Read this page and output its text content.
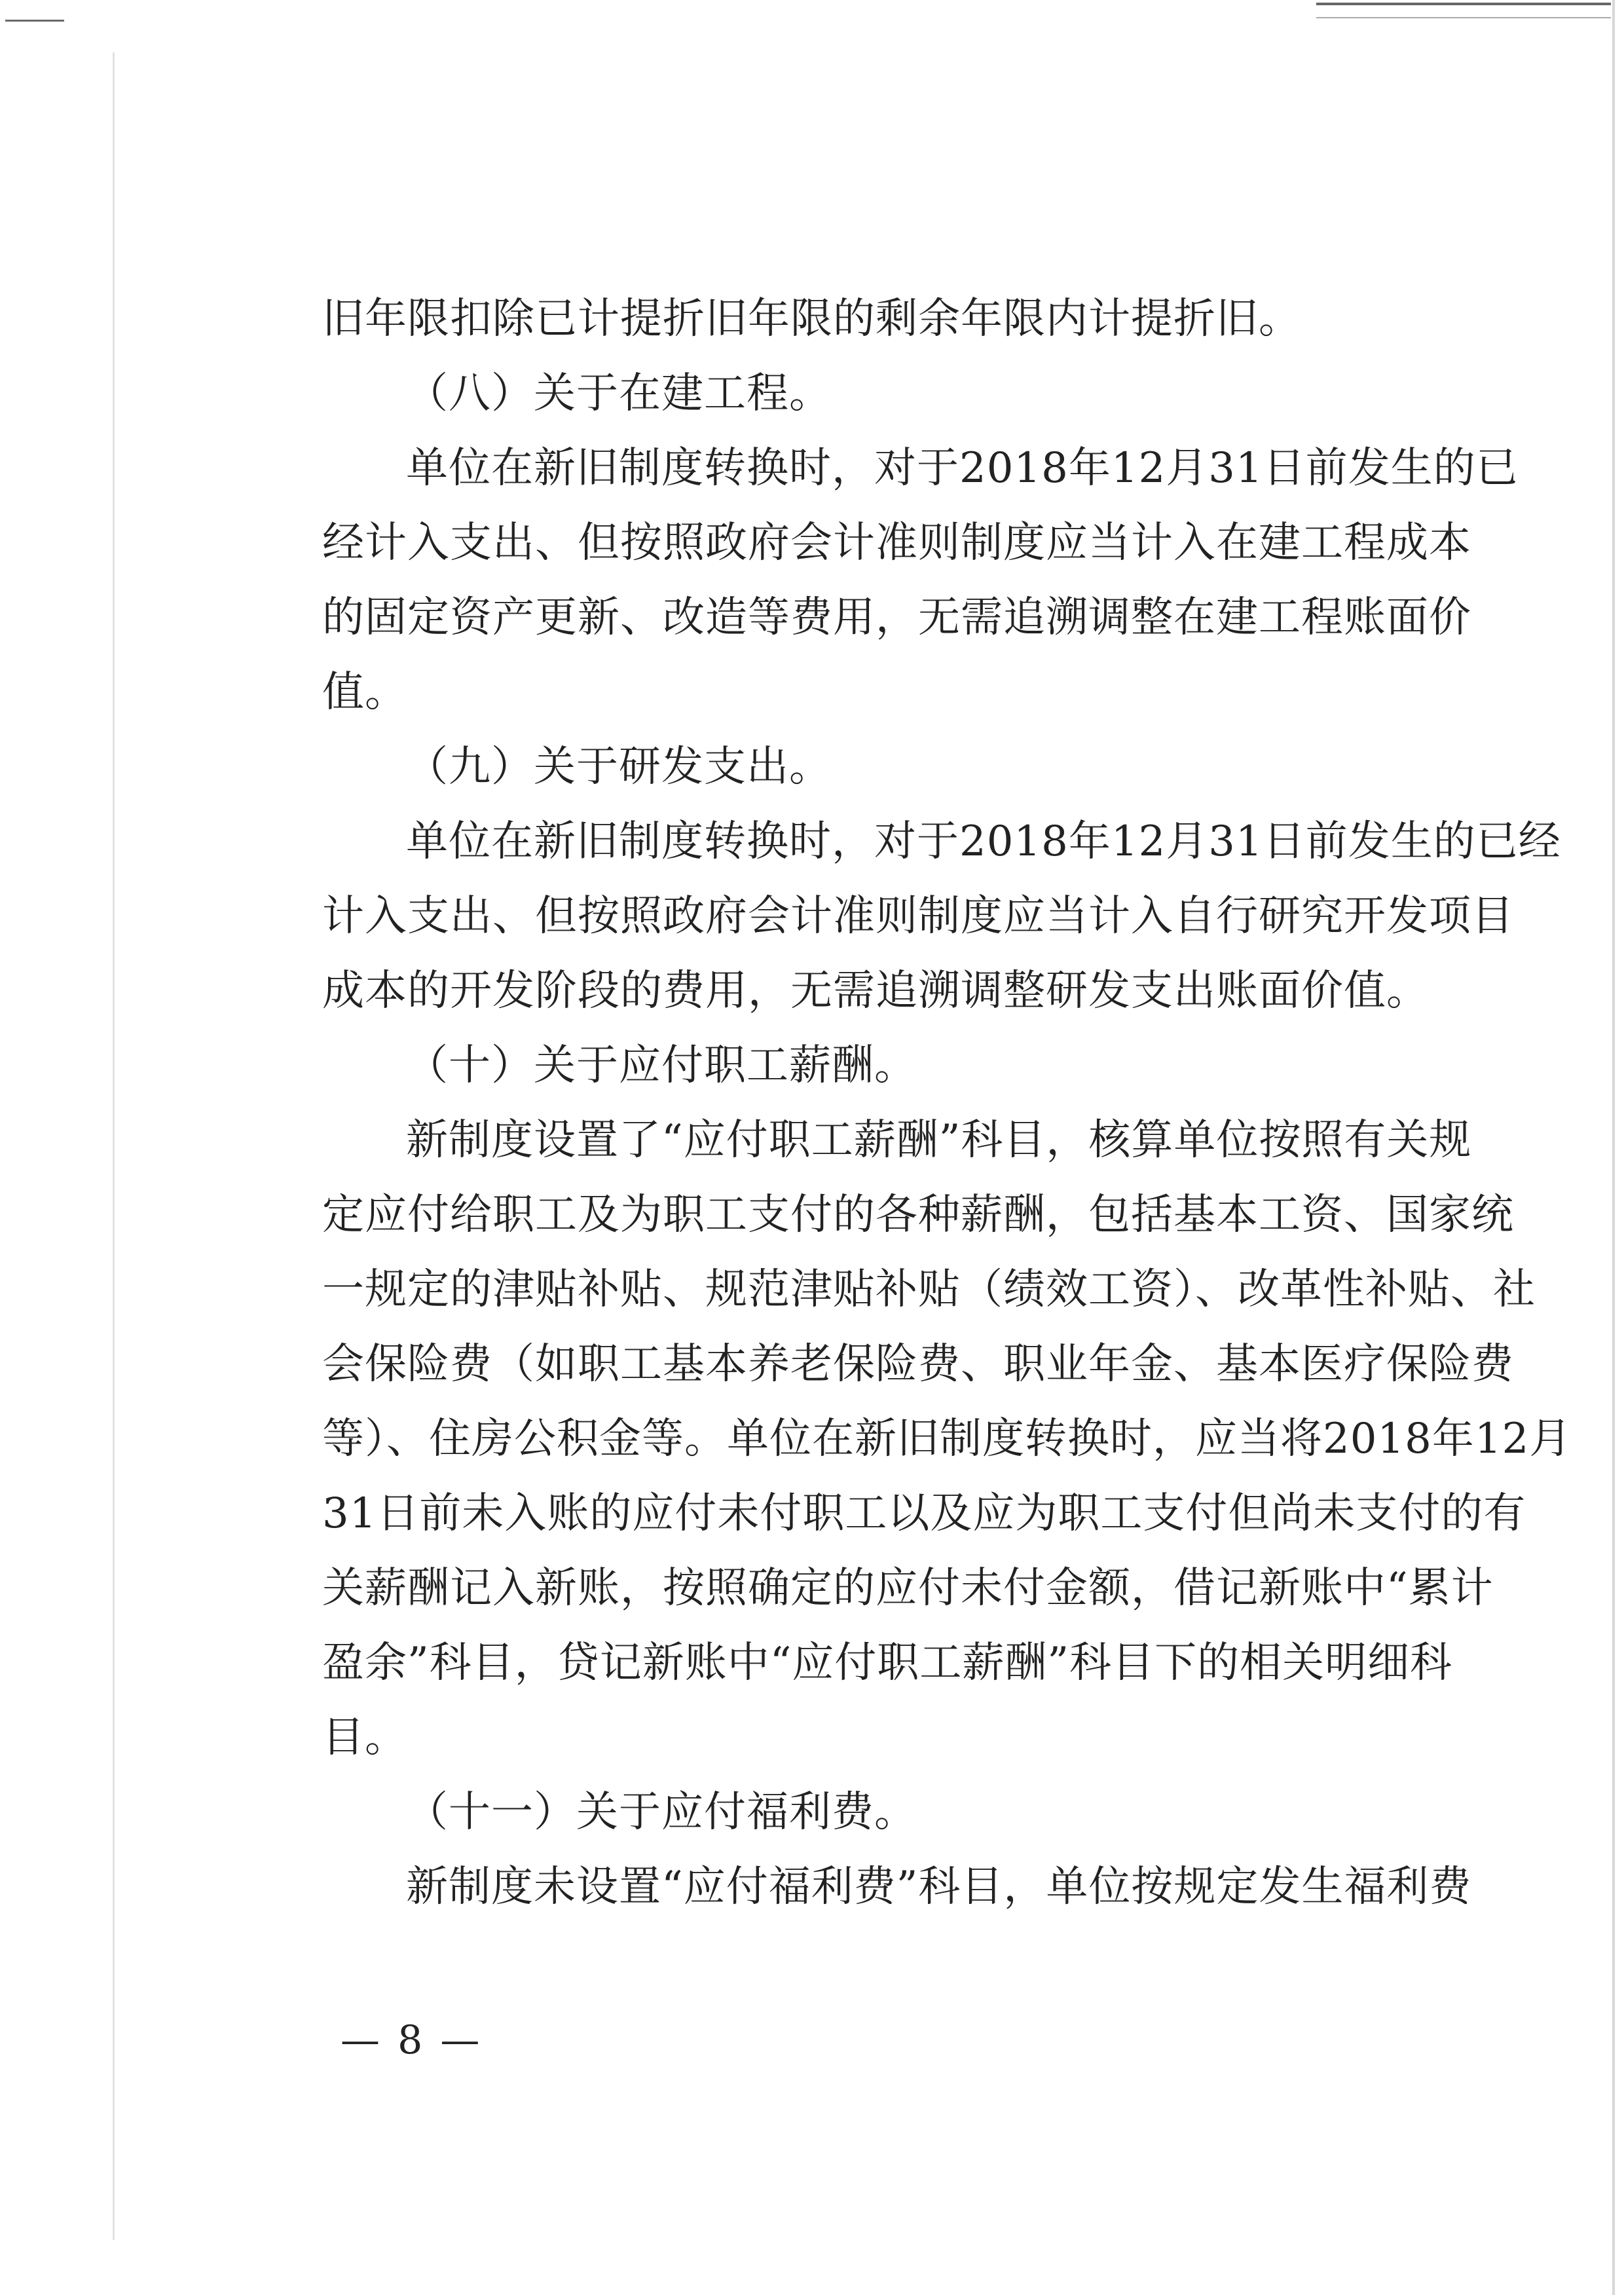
旧年限扣除已计提折旧年限的剩余年限内计提折旧。
（八）关于在建工程。
单位在新旧制度转换时，对于2018年12月31日前发生的已
经计入支出、但按照政府会计准则制度应当计入在建工程成本
的固定资产更新、改造等费用，无需追溯调整在建工程账面价
值。
（九）关于研发支出。
单位在新旧制度转换时，对于2018年12月31日前发生的已经
计入支出、但按照政府会计准则制度应当计入自行研究开发项目
成本的开发阶段的费用，无需追溯调整研发支出账面价值。
（十）关于应付职工薪酬。
新制度设置了“应付职工薪酬”科目，核算单位按照有关规
定应付给职工及为职工支付的各种薪酬，包括基本工资、国家统
一规定的津贴补贴、规范津贴补贴（绩效工资）、改革性补贴、社
会保险费（如职工基本养老保险费、职业年金、基本医疗保险费
等）、住房公积金等。单位在新旧制度转换时，应当将2018年12月
31日前未入账的应付未付职工以及应为职工支付但尚未支付的有
关薪酬记入新账，按照确定的应付未付金额，借记新账中“累计
盈余”科目，贷记新账中“应付职工薪酬”科目下的相关明细科
目。
（十一）关于应付福利费。
新制度未设置“应付福利费”科目，单位按规定发生福利费
— 8 —
